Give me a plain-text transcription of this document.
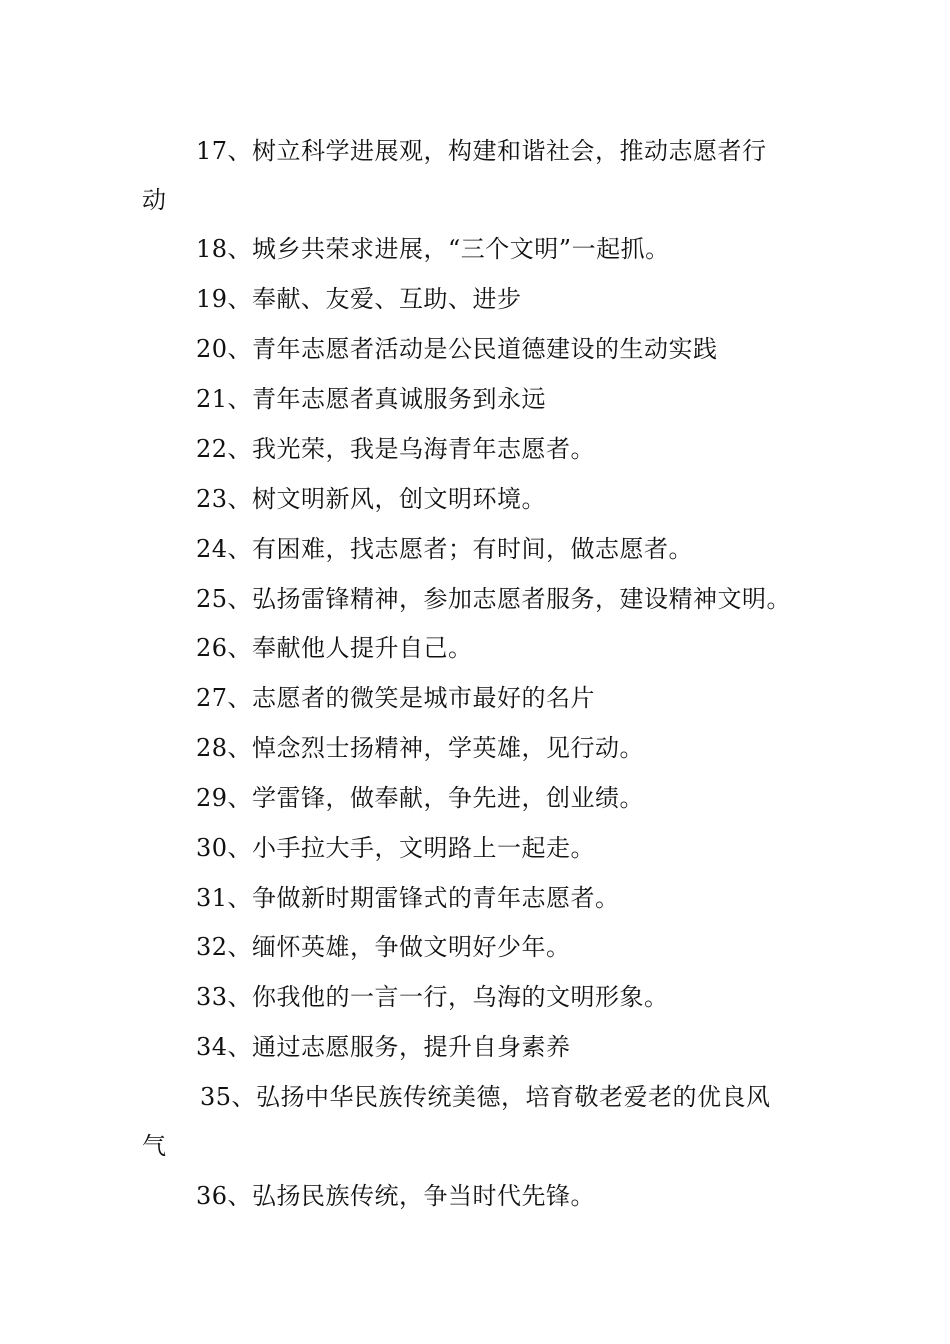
17、树立科学进展观，构建和谐社会，推动志愿者行
动
18、城乡共荣求进展，“三个文明”一起抓。
19、奉献、友爱、互助、进步
20、青年志愿者活动是公民道德建设的生动实践
21、青年志愿者真诚服务到永远
22、我光荣，我是乌海青年志愿者。
23、树文明新风，创文明环境。
24、有困难，找志愿者；有时间，做志愿者。
25、弘扬雷锋精神，参加志愿者服务，建设精神文明。
26、奉献他人提升自己。
27、志愿者的微笑是城市最好的名片
28、悼念烈士扬精神，学英雄，见行动。
29、学雷锋，做奉献，争先进，创业绩。
30、小手拉大手，文明路上一起走。
31、争做新时期雷锋式的青年志愿者。
32、缅怀英雄，争做文明好少年。
33、你我他的一言一行，乌海的文明形象。
34、通过志愿服务，提升自身素养
35、弘扬中华民族传统美德，培育敬老爱老的优良风
气
36、弘扬民族传统，争当时代先锋。
